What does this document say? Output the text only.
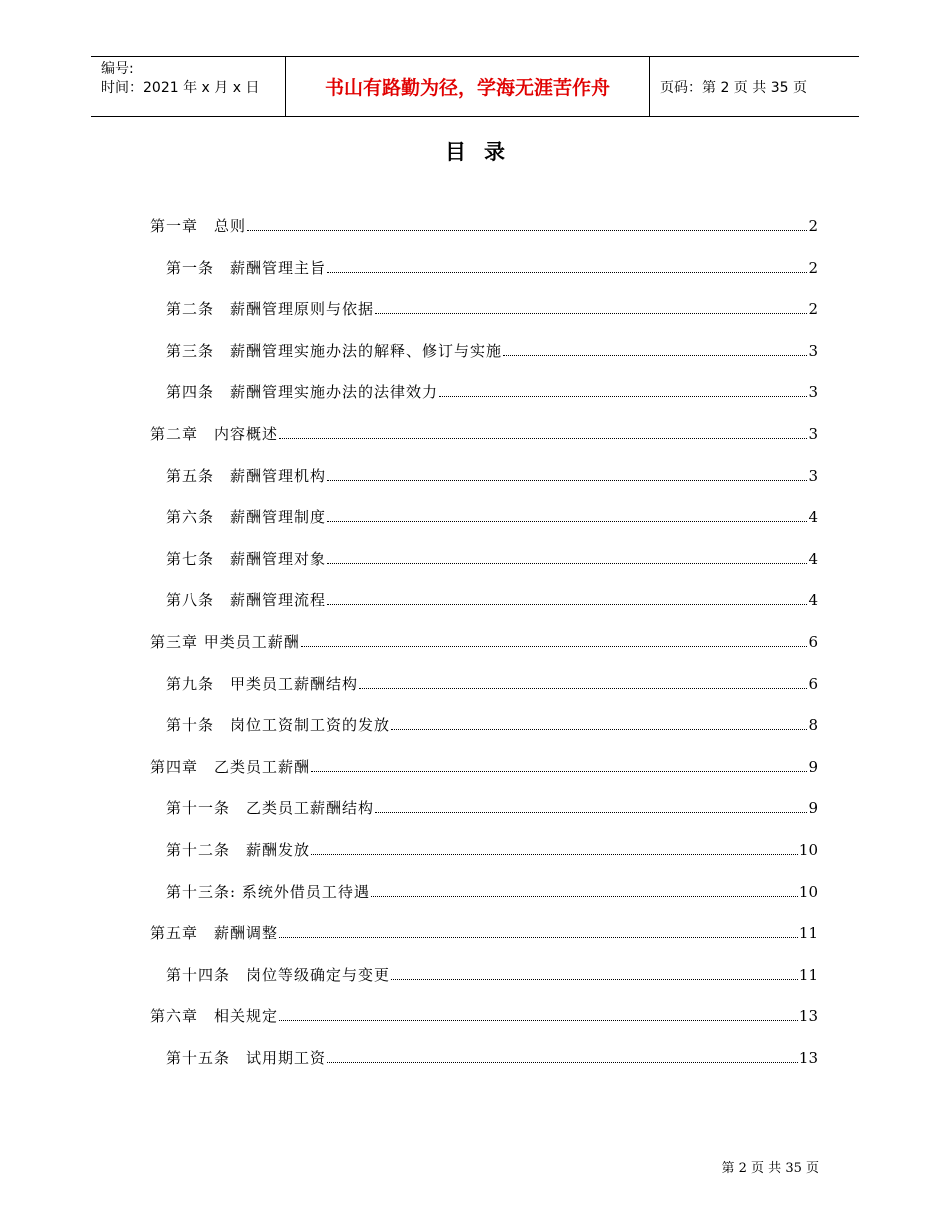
编号:
时间：2021 年 x 月 x 日	书山有路勤为径，学海无涯苦作舟	页码：第 2 页 共 35 页
目录
第一章　总则	2
第一条　薪酬管理主旨	2
第二条　薪酬管理原则与依据	2
第三条　薪酬管理实施办法的解释、修订与实施	3
第四条　薪酬管理实施办法的法律效力	3
第二章　内容概述	3
第五条　薪酬管理机构	3
第六条　薪酬管理制度	4
第七条　薪酬管理对象	4
第八条　薪酬管理流程	4
第三章 甲类员工薪酬	6
第九条　甲类员工薪酬结构	6
第十条　岗位工资制工资的发放	8
第四章　乙类员工薪酬	9
第十一条　乙类员工薪酬结构	9
第十二条　薪酬发放	10
第十三条: 系统外借员工待遇	10
第五章　薪酬调整	11
第十四条　岗位等级确定与变更	11
第六章　相关规定	13
第十五条　试用期工资	13
第 2 页 共 35 页
